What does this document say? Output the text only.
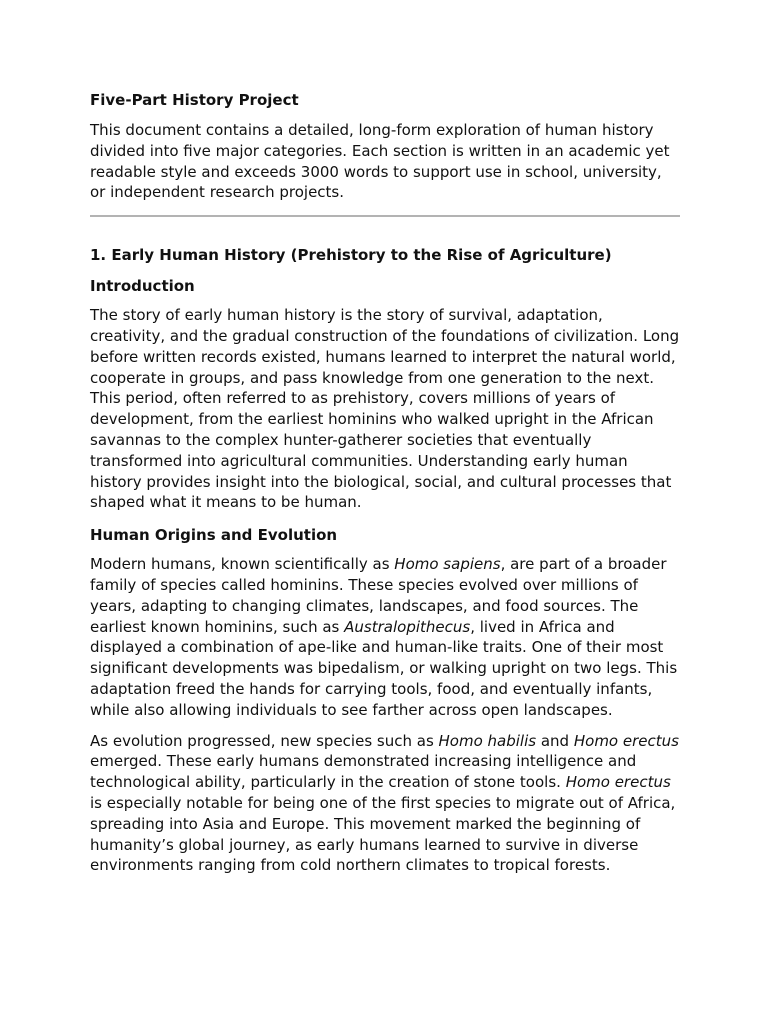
Five-Part History Project

This document contains a detailed, long-form exploration of human history divided into five major categories. Each section is written in an academic yet readable style and exceeds 3000 words to support use in school, university, or independent research projects.

1. Early Human History (Prehistory to the Rise of Agriculture)
Introduction

The story of early human history is the story of survival, adaptation, creativity, and the gradual construction of the foundations of civilization. Long before written records existed, humans learned to interpret the natural world, cooperate in groups, and pass knowledge from one generation to the next. This period, often referred to as prehistory, covers millions of years of development, from the earliest hominins who walked upright in the African savannas to the complex hunter-gatherer societies that eventually transformed into agricultural communities. Understanding early human history provides insight into the biological, social, and cultural processes that shaped what it means to be human.

Human Origins and Evolution

Modern humans, known scientifically as Homo sapiens, are part of a broader family of species called hominins. These species evolved over millions of years, adapting to changing climates, landscapes, and food sources. The earliest known hominins, such as Australopithecus, lived in Africa and displayed a combination of ape-like and human-like traits. One of their most significant developments was bipedalism, or walking upright on two legs. This adaptation freed the hands for carrying tools, food, and eventually infants, while also allowing individuals to see farther across open landscapes.

As evolution progressed, new species such as Homo habilis and Homo erectus emerged. These early humans demonstrated increasing intelligence and technological ability, particularly in the creation of stone tools. Homo erectus is especially notable for being one of the first species to migrate out of Africa, spreading into Asia and Europe. This movement marked the beginning of humanity’s global journey, as early humans learned to survive in diverse environments ranging from cold northern climates to tropical forests.
